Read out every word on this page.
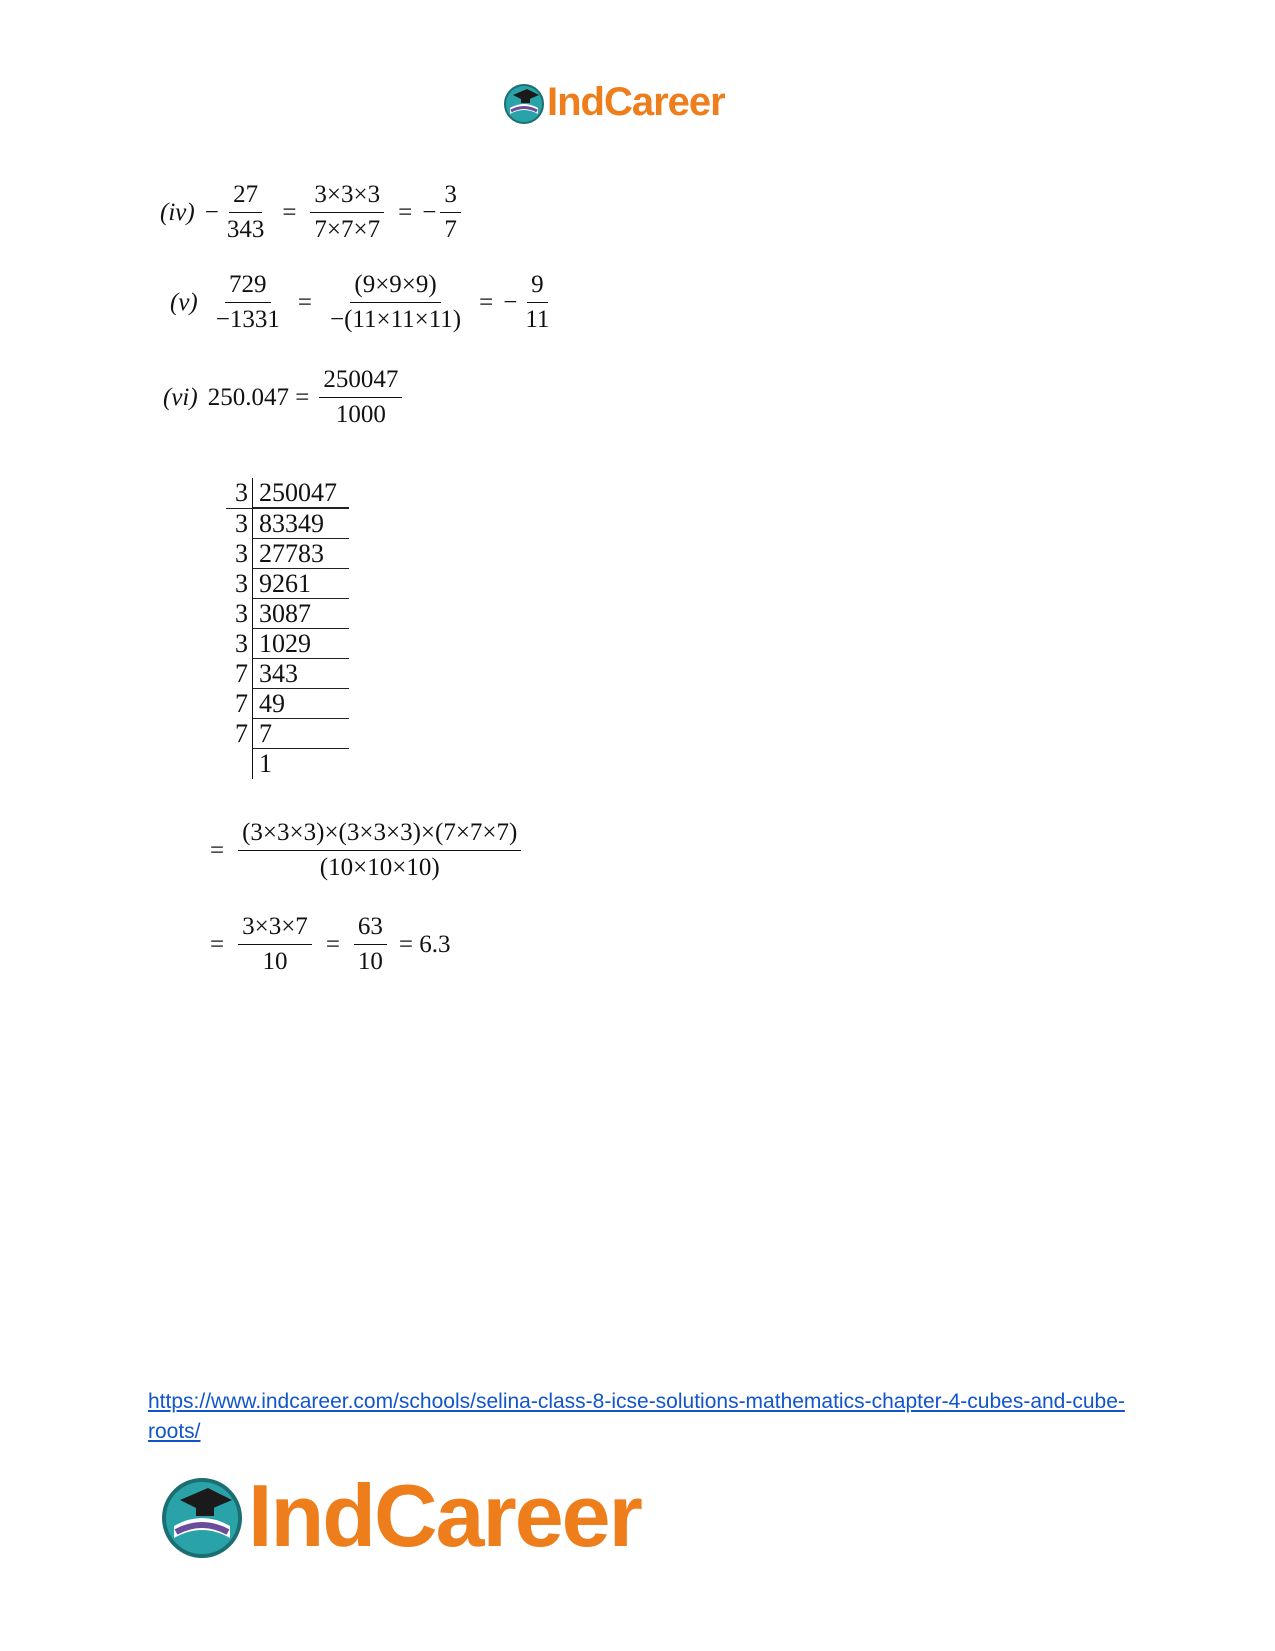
IndCareer
$(iv) - \frac{27}{343} = \frac{3\times 3\times 3}{7\times 7\times 7}$ = − $\frac{3}{7}$
$(v) \frac{729}{-1331} = \frac{(9\times 9\times 9)}{-(11\times 11\times 11)}$ = − $\frac{9}{11}$
(vi) $250.047 = \frac{250047}{1000}$
3 250047
3 83349
3 27783
3 9261
3 3087
3 1029
7 343
7 49
7 7
1
= $\frac{(3\times 3\times 3)\times(3\times 3\times 3)\times(7\times 7\times 7)}{(10\times 10\times 10)}$
= $\frac{3\times 3\times 7}{10} = \frac{63}{10} = 6.3$
https://www.indcareer.com/schools/selina-class-8-icse-solutions-mathematics-chapter-4-cubes-and-cube-roots/
IndCareer
